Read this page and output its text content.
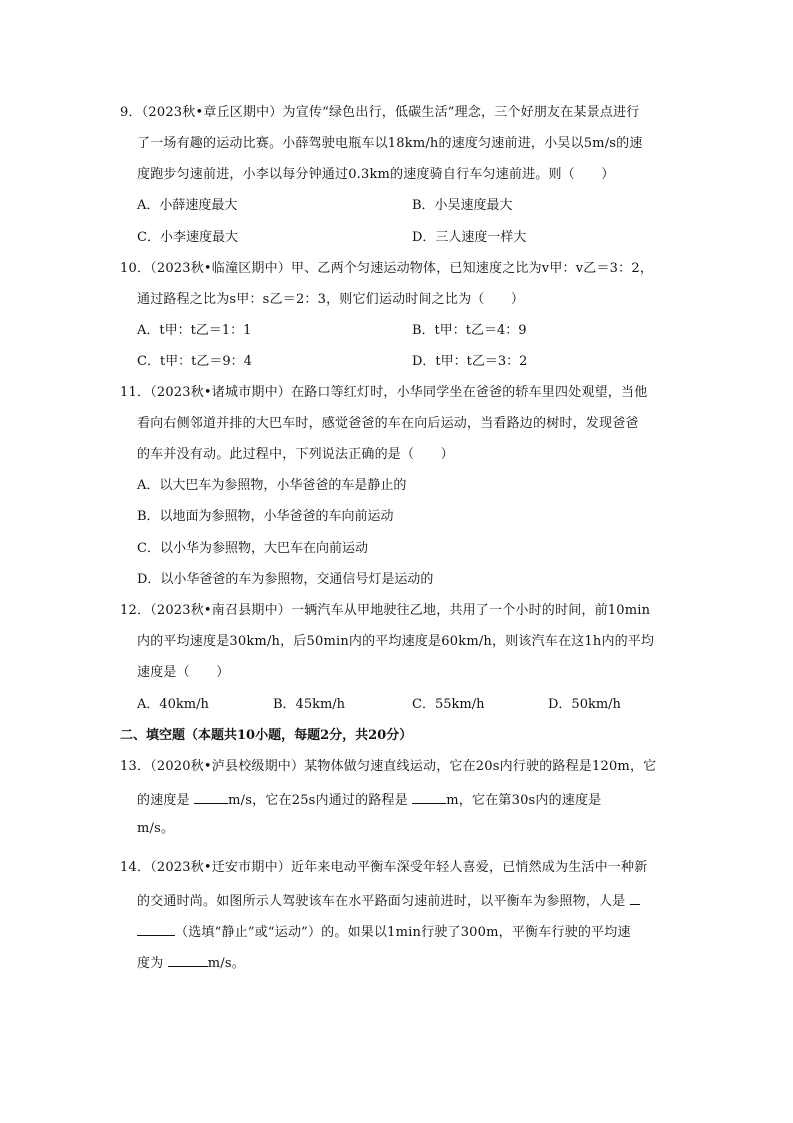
9．（2023秋•章丘区期中）为宣传“绿色出行，低碳生活”理念，三个好朋友在某景点进行
了一场有趣的运动比赛。小薛驾驶电瓶车以18km/h的速度匀速前进，小吴以5m/s的速
度跑步匀速前进，小李以每分钟通过0.3km的速度骑自行车匀速前进。则（　　）
A．小薛速度最大	B．小吴速度最大
C．小李速度最大	D．三人速度一样大
10．（2023秋•临潼区期中）甲、乙两个匀速运动物体，已知速度之比为v甲：v乙＝3：2，
通过路程之比为s甲：s乙＝2：3，则它们运动时间之比为（　　）
A．t甲：t乙＝1：1	B．t甲：t乙＝4：9
C．t甲：t乙＝9：4	D．t甲：t乙＝3：2
11．（2023秋•诸城市期中）在路口等红灯时，小华同学坐在爸爸的轿车里四处观望，当他
看向右侧邻道并排的大巴车时，感觉爸爸的车在向后运动，当看路边的树时，发现爸爸
的车并没有动。此过程中，下列说法正确的是（　　）
A．以大巴车为参照物，小华爸爸的车是静止的
B．以地面为参照物，小华爸爸的车向前运动
C．以小华为参照物，大巴车在向前运动
D．以小华爸爸的车为参照物，交通信号灯是运动的
12．（2023秋•南召县期中）一辆汽车从甲地驶往乙地，共用了一个小时的时间，前10min
内的平均速度是30km/h，后50min内的平均速度是60km/h，则该汽车在这1h内的平均
速度是（　　）
A．40km/h	B．45km/h	C．55km/h	D．50km/h
二、填空题（本题共10小题，每题2分，共20分）
13．（2020秋•泸县校级期中）某物体做匀速直线运动，它在20s内行驶的路程是120m，它
的速度是	m/s，它在25s内通过的路程是	m，它在第30s内的速度是
m/s。
14．（2023秋•迁安市期中）近年来电动平衡车深受年轻人喜爱，已悄然成为生活中一种新
的交通时尚。如图所示人驾驶该车在水平路面匀速前进时，以平衡车为参照物，人是
（选填“静止”或“运动”）的。如果以1min行驶了300m，平衡车行驶的平均速
度为	m/s。
